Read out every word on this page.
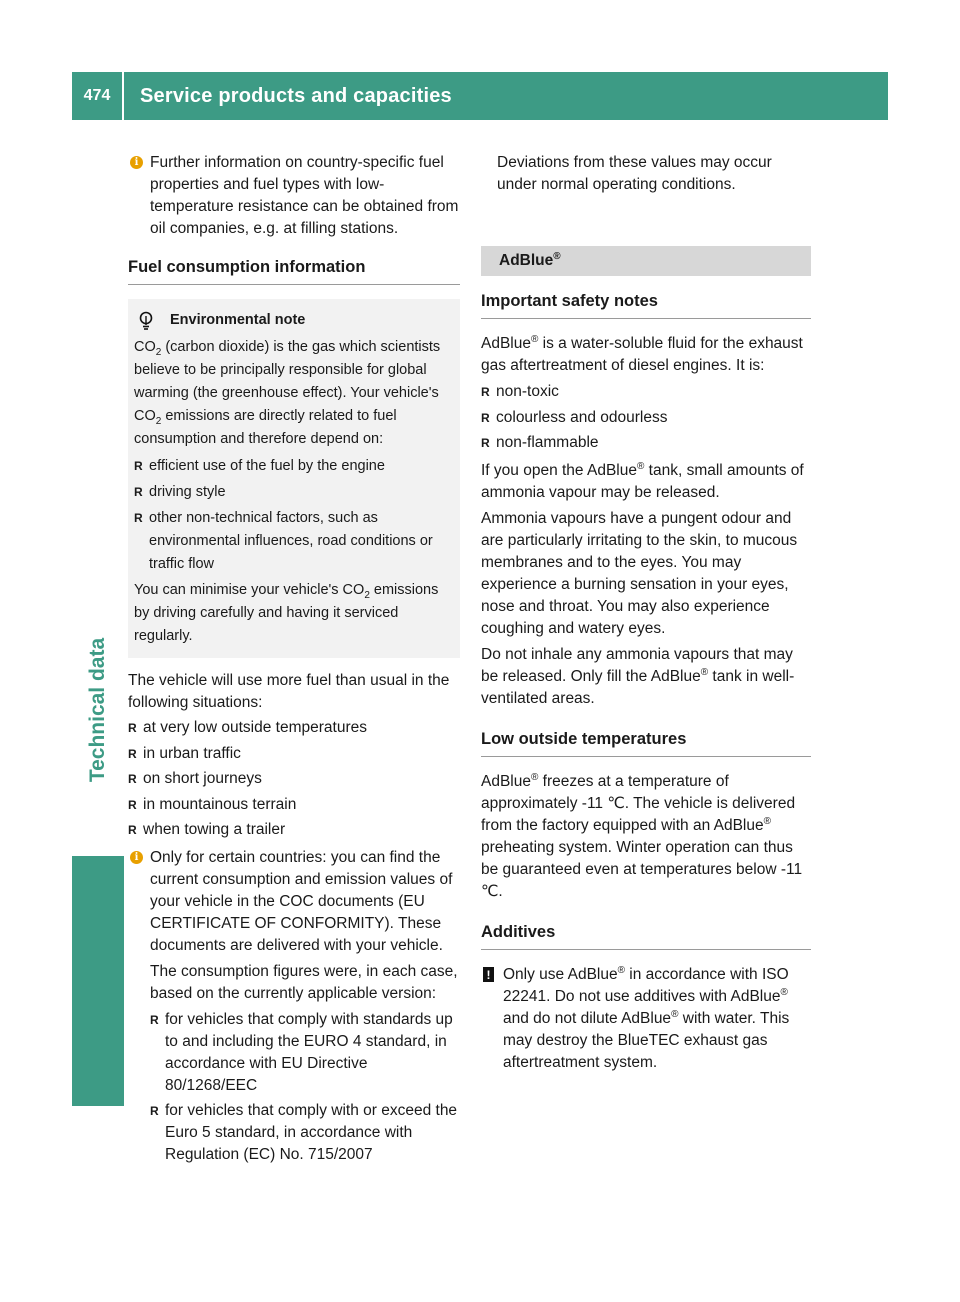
474	Service products and capacities
Technical data
i Further information on country-specific fuel properties and fuel types with low-temperature resistance can be obtained from oil companies, e.g. at filling stations.

Fuel consumption information
Environmental note

$CO_2$ (carbon dioxide) is the gas which scientists believe to be principally responsible for global warming (the greenhouse effect). Your vehicle's $CO_2$ emissions are directly related to fuel consumption and therefore depend on:

R efficient use of the fuel by the engine
R driving style
R other non-technical factors, such as environmental influences, road conditions or traffic flow

You can minimise your vehicle's $CO_2$ emissions by driving carefully and having it serviced regularly.

The vehicle will use more fuel than usual in the following situations:

R at very low outside temperatures
R in urban traffic
R on short journeys
R in mountainous terrain
R when towing a trailer
i Only for certain countries: you can find the current consumption and emission values of your vehicle in the COC documents (EU CERTIFICATE OF CONFORMITY). These documents are delivered with your vehicle.

The consumption figures were, in each case, based on the currently applicable version:

R for vehicles that comply with standards up to and including the EURO 4 standard, in accordance with EU Directive 80/1268/EEC
R for vehicles that comply with or exceed the Euro 5 standard, in accordance with Regulation (EC) No. 715/2007

Deviations from these values may occur under normal operating conditions.

AdBlue®
Important safety notes

AdBlue® is a water-soluble fluid for the exhaust gas aftertreatment of diesel engines. It is:

R non-toxic
R colourless and odourless
R non-flammable

If you open the AdBlue® tank, small amounts of ammonia vapour may be released.

Ammonia vapours have a pungent odour and are particularly irritating to the skin, to mucous membranes and to the eyes. You may experience a burning sensation in your eyes, nose and throat. You may also experience coughing and watery eyes.

Do not inhale any ammonia vapours that may be released. Only fill the AdBlue® tank in well-ventilated areas.

Low outside temperatures

AdBlue® freezes at a temperature of approximately -11 ℃. The vehicle is delivered from the factory equipped with an AdBlue® preheating system. Winter operation can thus be guaranteed even at temperatures below -11 ℃.

Additives
! Only use AdBlue® in accordance with ISO 22241. Do not use additives with AdBlue® and do not dilute AdBlue® with water. This may destroy the BlueTEC exhaust gas aftertreatment system.
